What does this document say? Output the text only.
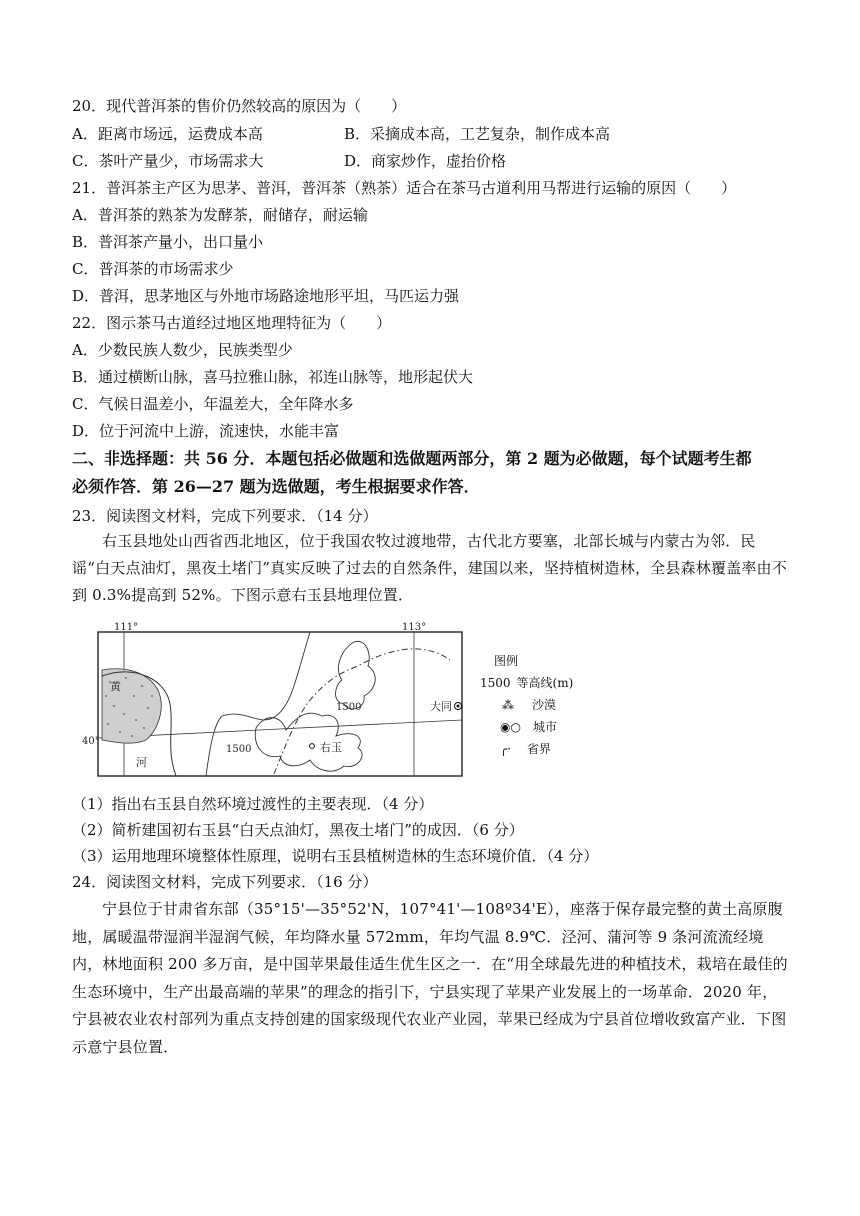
20．现代普洱茶的售价仍然较高的原因为（　　）
A．距离市场远，运费成本高	B．采摘成本高，工艺复杂，制作成本高
C．茶叶产量少，市场需求大	D．商家炒作，虚抬价格
21．普洱茶主产区为思茅、普洱，普洱茶（熟茶）适合在茶马古道利用马帮进行运输的原因（　　）
A．普洱茶的熟茶为发酵茶，耐储存，耐运输
B．普洱茶产量小，出口量小
C．普洱茶的市场需求少
D．普洱，思茅地区与外地市场路途地形平坦，马匹运力强
22．图示茶马古道经过地区地理特征为（　　）
A．少数民族人数少，民族类型少
B．通过横断山脉，喜马拉雅山脉，祁连山脉等，地形起伏大
C．气候日温差小，年温差大，全年降水多
D．位于河流中上游，流速快，水能丰富
二、非选择题：共 56 分．本题包括必做题和选做题两部分，第 2 题为必做题，每个试题考生都
必须作答．第 26—27 题为选做题，考生根据要求作答．
23．阅读图文材料，完成下列要求．（14 分）
右玉县地处山西省西北地区，位于我国农牧过渡地带，古代北方要塞，北部长城与内蒙古为邻．民谣“白天点油灯，黑夜土堵门”真实反映了过去的自然条件，建国以来，坚持植树造林，全县森林覆盖率由不到 0.3%提高到 52%。下图示意右玉县地理位置．
111°	113°
40°
黄
河
1500
1500	右玉
大同
图例
1500 等高线(m)
⁂ 沙漠
◉○ 城市
╭· 省界
（1）指出右玉县自然环境过渡性的主要表现．（4 分）
（2）简析建国初右玉县“白天点油灯，黑夜土堵门”的成因．（6 分）
（3）运用地理环境整体性原理，说明右玉县植树造林的生态环境价值．（4 分）
24．阅读图文材料，完成下列要求．（16 分）
宁县位于甘肃省东部（35°15'—35°52'N，107°41'—108º34'E），座落于保存最完整的黄土高原腹地，属暖温带湿润半湿润气候，年均降水量 572mm，年均气温 8.9℃．泾河、蒲河等 9 条河流流经境内，林地面积 200 多万亩，是中国苹果最佳适生优生区之一．在“用全球最先进的种植技术，栽培在最佳的生态环境中，生产出最高端的苹果”的理念的指引下，宁县实现了苹果产业发展上的一场革命．2020 年，宁县被农业农村部列为重点支持创建的国家级现代农业产业园，苹果已经成为宁县首位增收致富产业．下图示意宁县位置．
